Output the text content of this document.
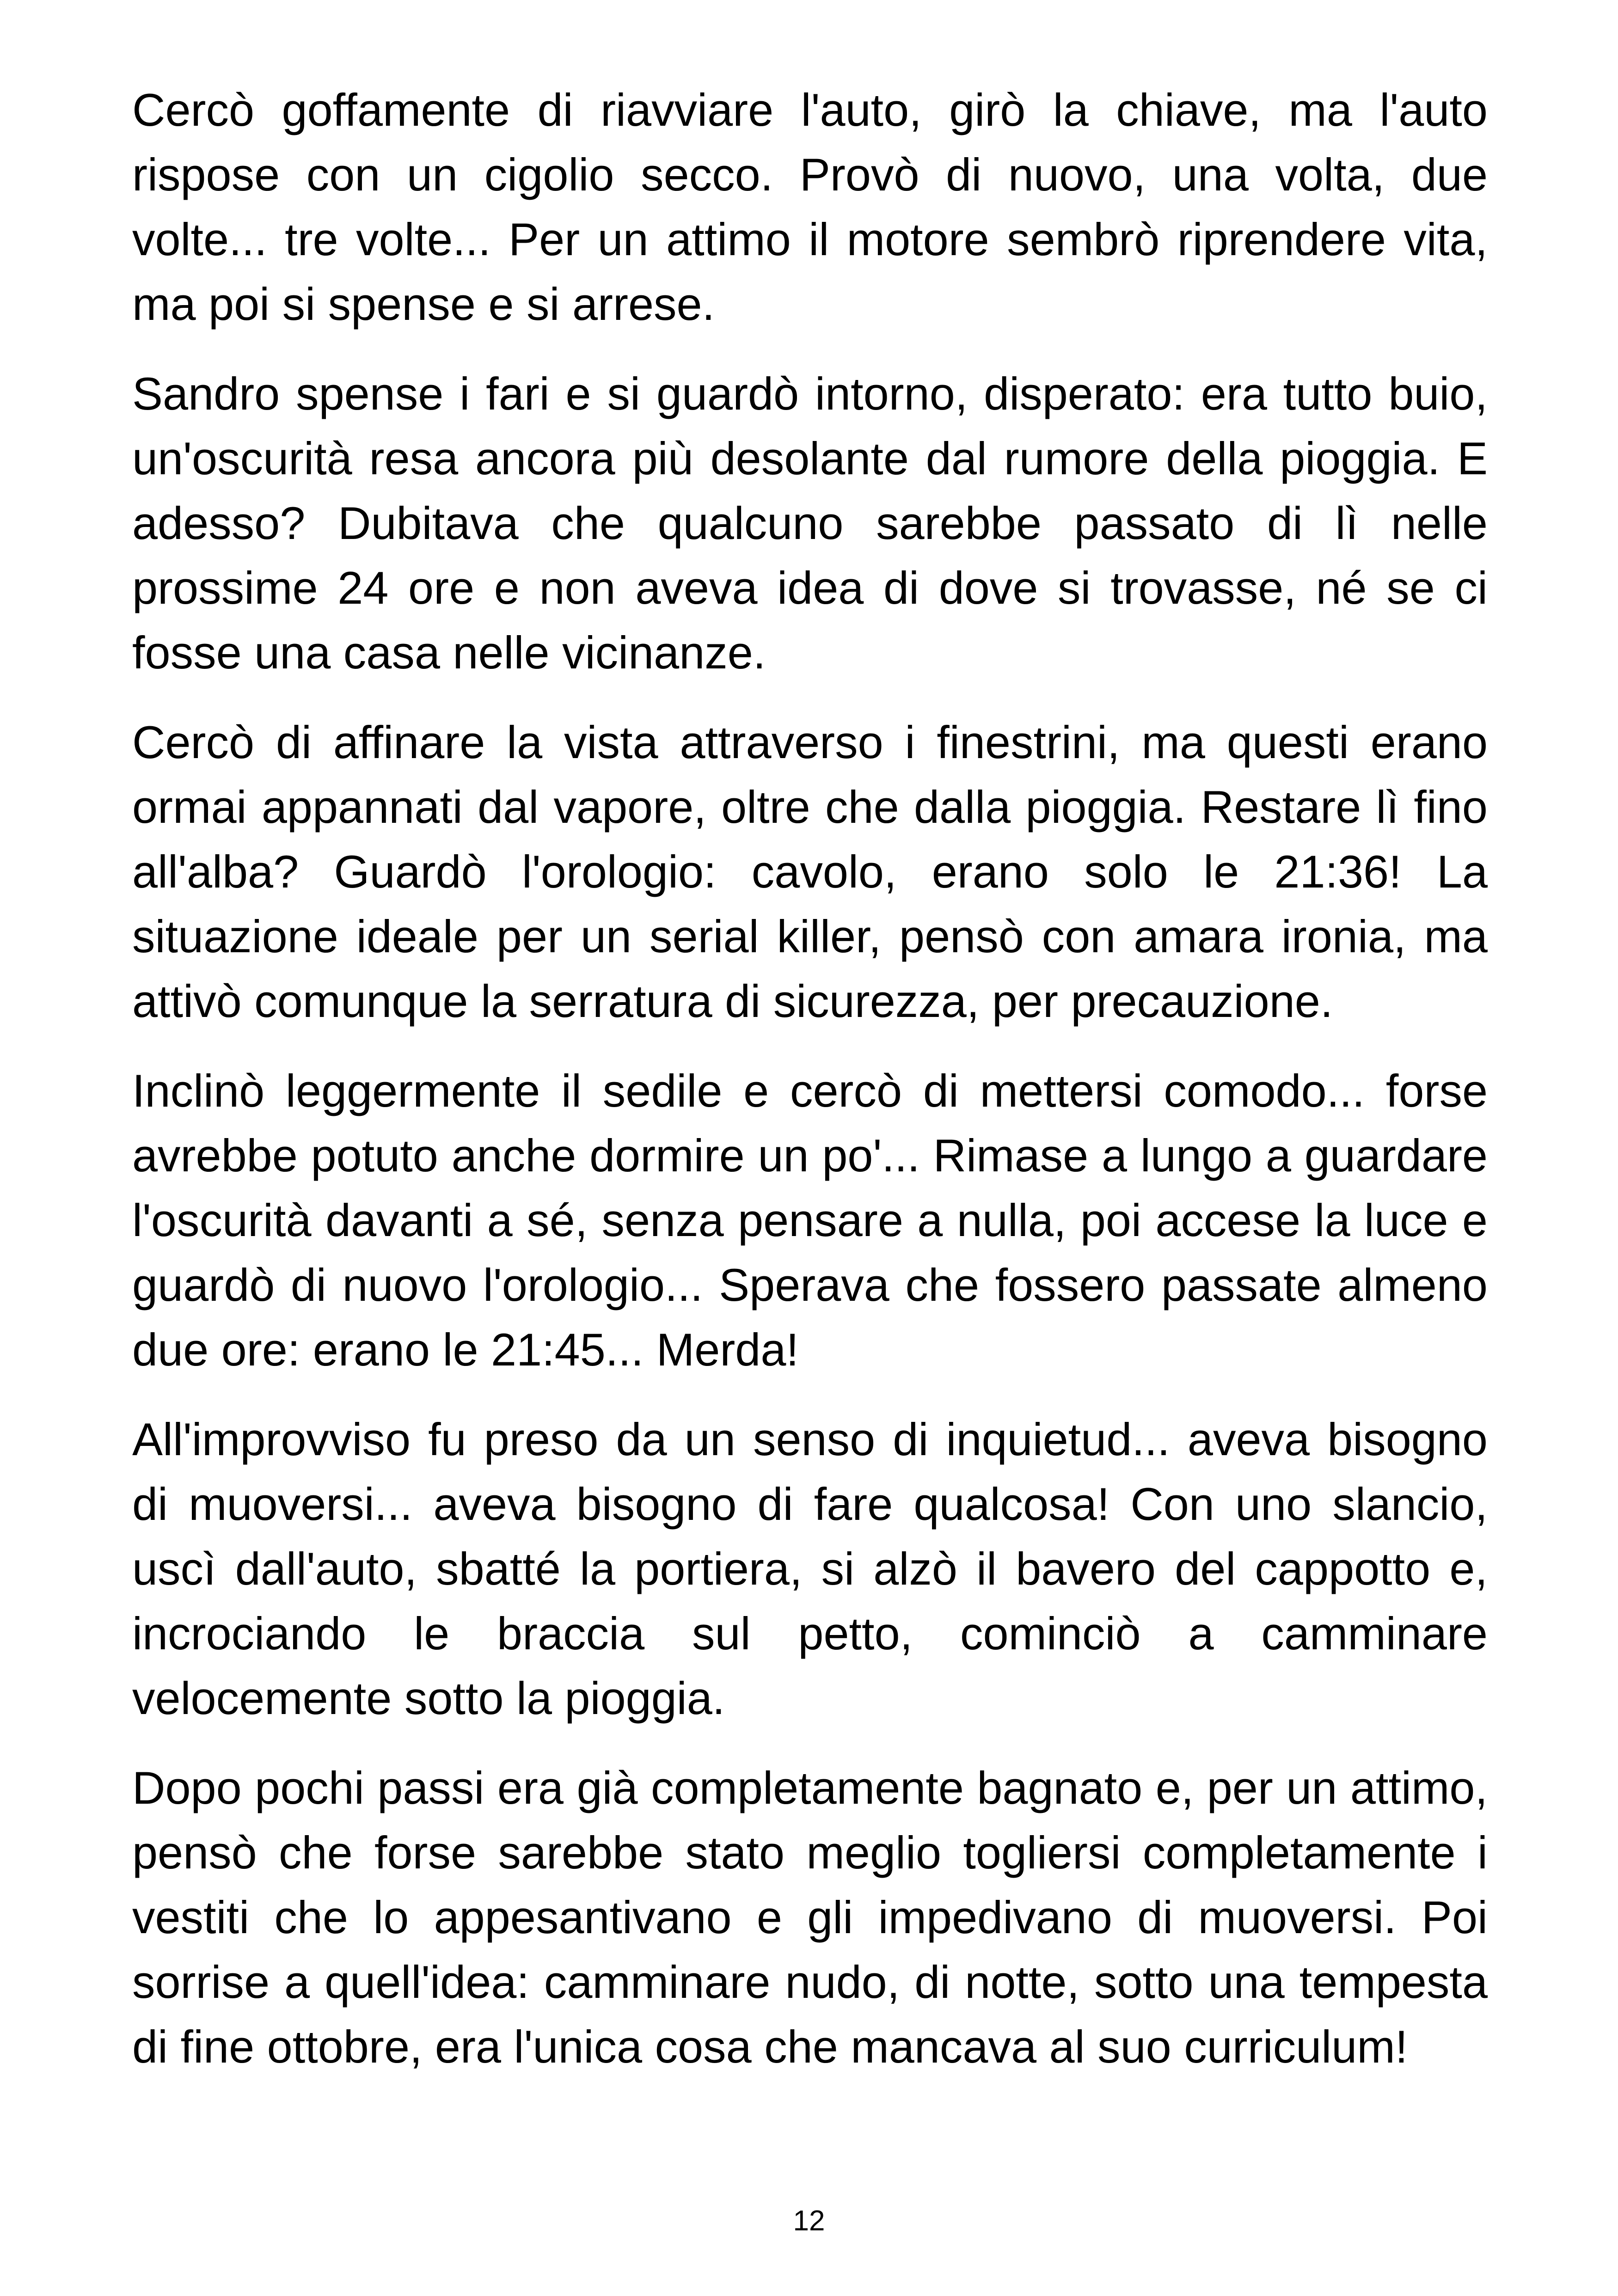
Cercò goffamente di riavviare l'auto, girò la chiave, ma l'auto rispose con un cigolio secco. Provò di nuovo, una volta, due volte... tre volte... Per un attimo il motore sembrò riprendere vita, ma poi si spense e si arrese.

Sandro spense i fari e si guardò intorno, disperato: era tutto buio, un'oscurità resa ancora più desolante dal rumore della pioggia. E adesso? Dubitava che qualcuno sarebbe passato di lì nelle prossime 24 ore e non aveva idea di dove si trovasse, né se ci fosse una casa nelle vicinanze.

Cercò di affinare la vista attraverso i finestrini, ma questi erano ormai appannati dal vapore, oltre che dalla pioggia. Restare lì fino all'alba? Guardò l'orologio: cavolo, erano solo le 21:36! La situazione ideale per un serial killer, pensò con amara ironia, ma attivò comunque la serratura di sicurezza, per precauzione.

Inclinò leggermente il sedile e cercò di mettersi comodo... forse avrebbe potuto anche dormire un po'... Rimase a lungo a guardare l'oscurità davanti a sé, senza pensare a nulla, poi accese la luce e guardò di nuovo l'orologio... Sperava che fossero passate almeno due ore: erano le 21:45... Merda!

All'improvviso fu preso da un senso di inquietud... aveva bisogno di muoversi... aveva bisogno di fare qualcosa! Con uno slancio, uscì dall'auto, sbatté la portiera, si alzò il bavero del cappotto e, incrociando le braccia sul petto, cominciò a camminare velocemente sotto la pioggia.

Dopo pochi passi era già completamente bagnato e, per un attimo, pensò che forse sarebbe stato meglio togliersi completamente i vestiti che lo appesantivano e gli impedivano di muoversi. Poi sorrise a quell'idea: camminare nudo, di notte, sotto una tempesta di fine ottobre, era l'unica cosa che mancava al suo curriculum!

12
